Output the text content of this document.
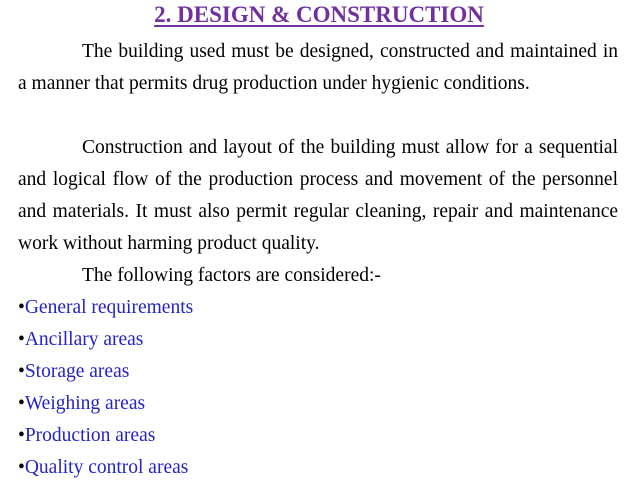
2. DESIGN & CONSTRUCTION

The building used must be designed, constructed and maintained in a manner that permits drug production under hygienic conditions.

Construction and layout of the building must allow for a sequential and logical flow of the production process and movement of the personnel and materials. It must also permit regular cleaning, repair and maintenance work without harming product quality.

The following factors are considered:-

•General requirements
•Ancillary areas
•Storage areas
•Weighing areas
•Production areas
•Quality control areas
